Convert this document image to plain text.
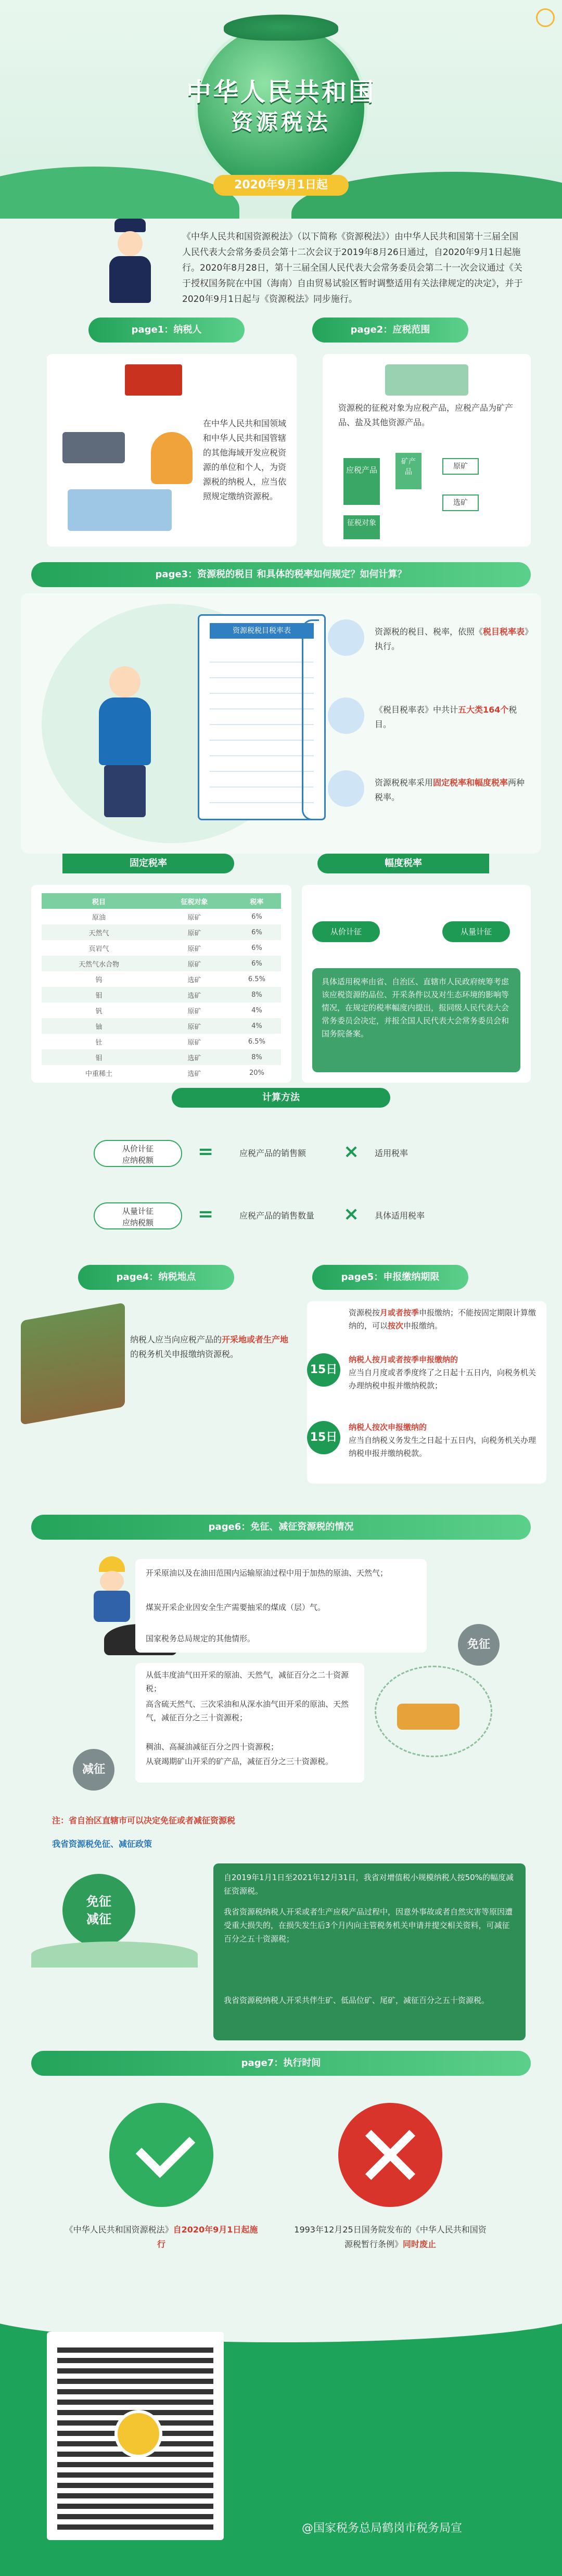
中华人民共和国
资源税法
2020年9月1日起
《中华人民共和国资源税法》（以下简称《资源税法》）由中华人民共和国第十三届全国人民代表大会常务委员会第十二次会议于2019年8月26日通过，自2020年9月1日起施行。2020年8月28日，第十三届全国人民代表大会常务委员会第二十一次会议通过《关于授权国务院在中国（海南）自由贸易试验区暂时调整适用有关法律规定的决定》，并于2020年9月1日起与《资源税法》同步施行。
page1：纳税人	page2：应税范围
在中华人民共和国领域和中华人民共和国管辖的其他海域开发应税资源的单位和个人，为资源税的纳税人，应当依照规定缴纳资源税。
资源税的征税对象为应税产品，应税产品为矿产品、盐及其他资源产品。
应税产品
矿产品
原矿
选矿
征税对象
page3：资源税的税目 和具体的税率如何规定？如何计算？
资源税税目税率表	资源税的税目、税率，依照《税目税率表》执行。
《税目税率表》中共计五大类164个税目。
资源税税率采用固定税率和幅度税率两种税率。
固定税率	幅度税率
税目	征税对象	税率
原油	原矿	6%
天然气	原矿	6%
页岩气	原矿	6%
天然气水合物	原矿	6%
钨	选矿	6.5%
钼	选矿	8%
钒	原矿	4%
铀	原矿	4%
钍	原矿	6.5%
钼	选矿	8%
中重稀土	选矿	20%
从价计征	从量计征
具体适用税率由省、自治区、直辖市人民政府统筹考虑该应税资源的品位、开采条件以及对生态环境的影响等情况，在规定的税率幅度内提出，报同级人民代表大会常务委员会决定，并报全国人民代表大会常务委员会和国务院备案。
计算方法
从价计征
应纳税额	=	应税产品的销售额 × 适用税率
从量计征
应纳税额	=	应税产品的销售数量 × 具体适用税率
page4：纳税地点	page5：申报缴纳期限
纳税人应当向应税产品的开采地或者生产地的税务机关申报缴纳资源税。
资源税按月或者按季申报缴纳；不能按固定期限计算缴纳的，可以按次申报缴纳。
15日
纳税人按月或者按季申报缴纳的
应当自月度或者季度终了之日起十五日内，向税务机关办理纳税申报并缴纳税款；
15日
纳税人按次申报缴纳的
应当自纳税义务发生之日起十五日内，向税务机关办理纳税申报并缴纳税款。
page6：免征、减征资源税的情况
开采原油以及在油田范围内运输原油过程中用于加热的原油、天然气；
煤炭开采企业因安全生产需要抽采的煤成（层）气。
国家税务总局规定的其他情形。	免征
从低丰度油气田开采的原油、天然气，减征百分之二十资源税；
高含硫天然气、三次采油和从深水油气田开采的原油、天然气，减征百分之三十资源税；
稠油、高凝油减征百分之四十资源税；
从衰竭期矿山开采的矿产品，减征百分之三十资源税。
减征
注：省自治区直辖市可以决定免征或者减征资源税
我省资源税免征、减征政策
免征
减征
自2019年1月1日至2021年12月31日，我省对增值税小规模纳税人按50%的幅度减征资源税。
我省资源税纳税人开采或者生产应税产品过程中，因意外事故或者自然灾害等原因遭受重大损失的，在损失发生后3个月内向主管税务机关申请并提交相关资料，可减征百分之五十资源税；
我省资源税纳税人开采共伴生矿、低品位矿、尾矿，减征百分之五十资源税。
page7：执行时间
《中华人民共和国资源税法》自2020年9月1日起施行
1993年12月25日国务院发布的《中华人民共和国资源税暂行条例》同时废止
@国家税务总局鹤岗市税务局宣
